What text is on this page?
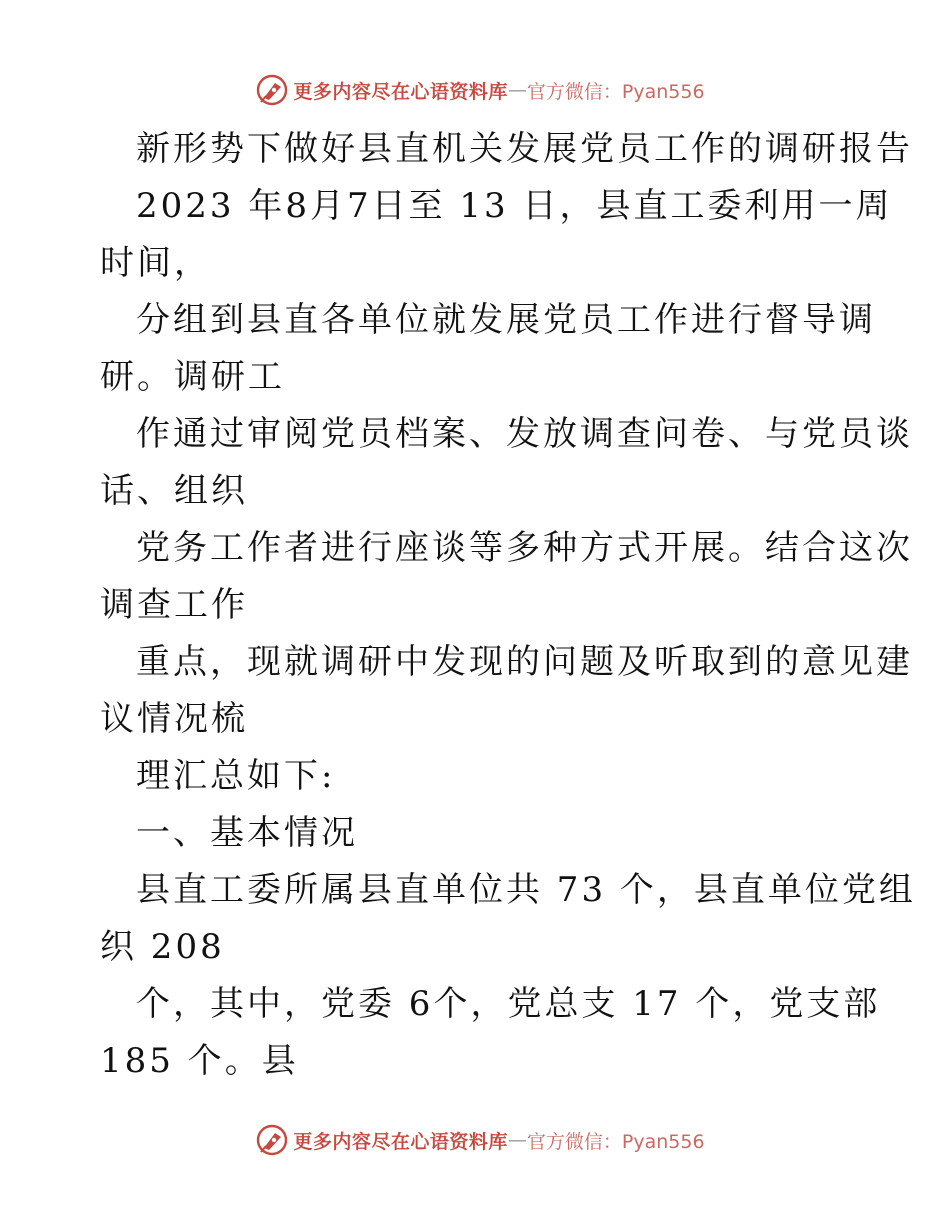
更多内容尽在心语资料库 — 官方微信：Pyan556
新形势下做好县直机关发展党员工作的调研报告
2023 年8月7日至 13 日，县直工委利用一周
时间，
分组到县直各单位就发展党员工作进行督导调
研。调研工
作通过审阅党员档案、发放调查问卷、与党员谈
话、组织
党务工作者进行座谈等多种方式开展。结合这次
调查工作
重点，现就调研中发现的问题及听取到的意见建
议情况梳
理汇总如下:
一、基本情况
县直工委所属县直单位共 73 个，县直单位党组
织 208
个，其中，党委 6个，党总支 17 个，党支部
185 个。县
更多内容尽在心语资料库 — 官方微信：Pyan556
